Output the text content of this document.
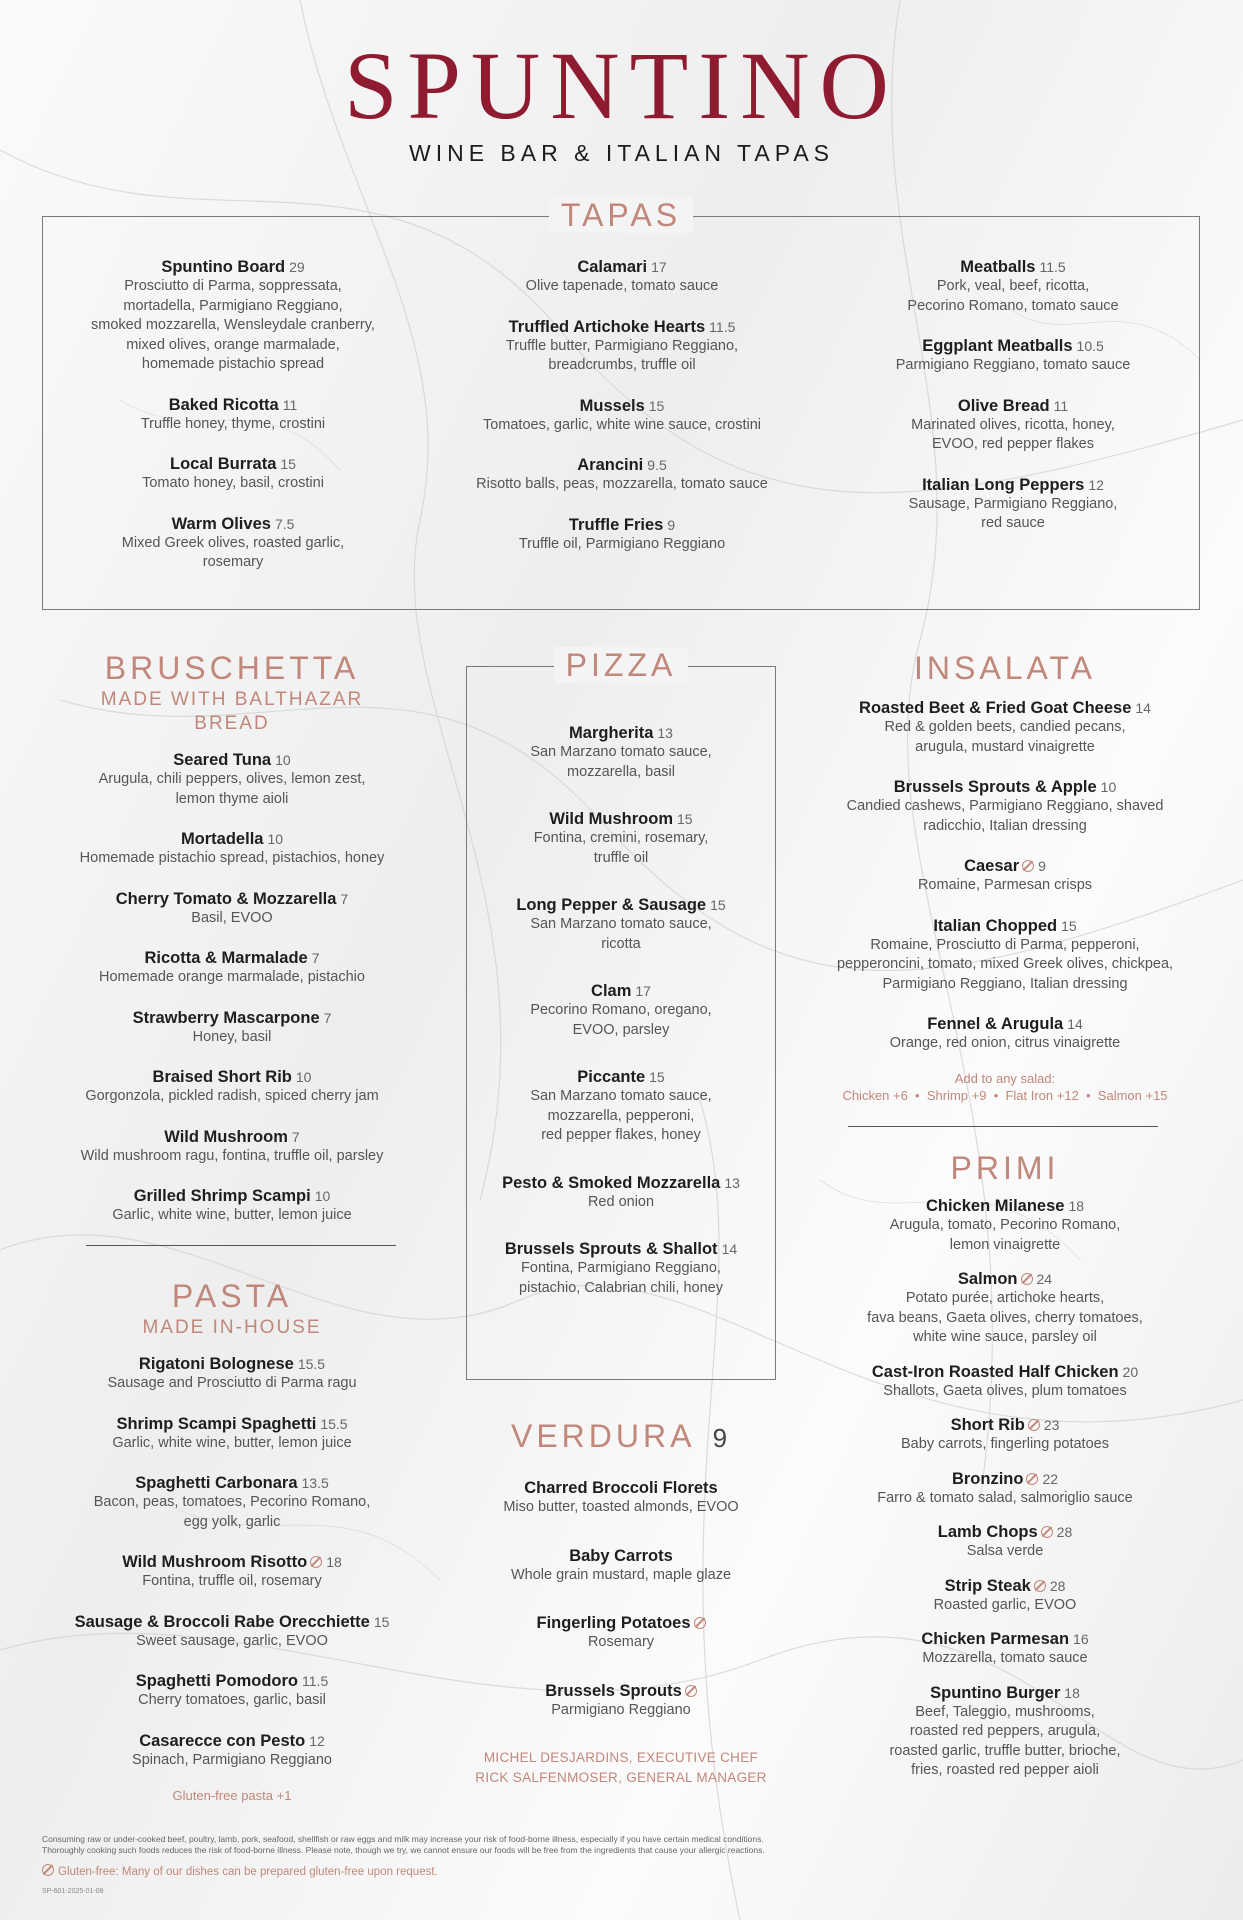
SPUNTINO
WINE BAR & ITALIAN TAPAS
TAPAS
Spuntino Board 29
Prosciutto di Parma, soppressata,
mortadella, Parmigiano Reggiano,
smoked mozzarella, Wensleydale cranberry,
mixed olives, orange marmalade,
homemade pistachio spread
Baked Ricotta 11
Truffle honey, thyme, crostini
Local Burrata 15
Tomato honey, basil, crostini
Warm Olives 7.5
Mixed Greek olives, roasted garlic,
rosemary
Calamari 17
Olive tapenade, tomato sauce
Truffled Artichoke Hearts 11.5
Truffle butter, Parmigiano Reggiano,
breadcrumbs, truffle oil
Mussels 15
Tomatoes, garlic, white wine sauce, crostini
Arancini 9.5
Risotto balls, peas, mozzarella, tomato sauce
Truffle Fries 9
Truffle oil, Parmigiano Reggiano
Meatballs 11.5
Pork, veal, beef, ricotta,
Pecorino Romano, tomato sauce
Eggplant Meatballs 10.5
Parmigiano Reggiano, tomato sauce
Olive Bread 11
Marinated olives, ricotta, honey,
EVOO, red pepper flakes
Italian Long Peppers 12
Sausage, Parmigiano Reggiano,
red sauce
BRUSCHETTA
MADE WITH BALTHAZAR BREAD
Seared Tuna 10
Arugula, chili peppers, olives, lemon zest,
lemon thyme aioli
Mortadella 10
Homemade pistachio spread, pistachios, honey
Cherry Tomato & Mozzarella 7
Basil, EVOO
Ricotta & Marmalade 7
Homemade orange marmalade, pistachio
Strawberry Mascarpone 7
Honey, basil
Braised Short Rib 10
Gorgonzola, pickled radish, spiced cherry jam
Wild Mushroom 7
Wild mushroom ragu, fontina, truffle oil, parsley
Grilled Shrimp Scampi 10
Garlic, white wine, butter, lemon juice
PASTA
MADE IN-HOUSE
Rigatoni Bolognese 15.5
Sausage and Prosciutto di Parma ragu
Shrimp Scampi Spaghetti 15.5
Garlic, white wine, butter, lemon juice
Spaghetti Carbonara 13.5
Bacon, peas, tomatoes, Pecorino Romano,
egg yolk, garlic
Wild Mushroom Risotto 18
Fontina, truffle oil, rosemary
Sausage & Broccoli Rabe Orecchiette 15
Sweet sausage, garlic, EVOO
Spaghetti Pomodoro 11.5
Cherry tomatoes, garlic, basil
Casarecce con Pesto 12
Spinach, Parmigiano Reggiano
Gluten-free pasta +1
PIZZA
Margherita 13
San Marzano tomato sauce,
mozzarella, basil
Wild Mushroom 15
Fontina, cremini, rosemary,
truffle oil
Long Pepper & Sausage 15
San Marzano tomato sauce,
ricotta
Clam 17
Pecorino Romano, oregano,
EVOO, parsley
Piccante 15
San Marzano tomato sauce,
mozzarella, pepperoni,
red pepper flakes, honey
Pesto & Smoked Mozzarella 13
Red onion
Brussels Sprouts & Shallot 14
Fontina, Parmigiano Reggiano,
pistachio, Calabrian chili, honey
VERDURA 9
Charred Broccoli Florets
Miso butter, toasted almonds, EVOO
Baby Carrots
Whole grain mustard, maple glaze
Fingerling Potatoes
Rosemary
Brussels Sprouts
Parmigiano Reggiano
MICHEL DESJARDINS, EXECUTIVE CHEF
RICK SALFENMOSER, GENERAL MANAGER
INSALATA
Roasted Beet & Fried Goat Cheese 14
Red & golden beets, candied pecans,
arugula, mustard vinaigrette
Brussels Sprouts & Apple 10
Candied cashews, Parmigiano Reggiano, shaved
radicchio, Italian dressing
Caesar 9
Romaine, Parmesan crisps
Italian Chopped 15
Romaine, Prosciutto di Parma, pepperoni,
pepperoncini, tomato, mixed Greek olives, chickpea,
Parmigiano Reggiano, Italian dressing
Fennel & Arugula 14
Orange, red onion, citrus vinaigrette
Add to any salad:
Chicken +6  •  Shrimp +9  •  Flat Iron +12  •  Salmon +15
PRIMI
Chicken Milanese 18
Arugula, tomato, Pecorino Romano,
lemon vinaigrette
Salmon 24
Potato purée, artichoke hearts,
fava beans, Gaeta olives, cherry tomatoes,
white wine sauce, parsley oil
Cast-Iron Roasted Half Chicken 20
Shallots, Gaeta olives, plum tomatoes
Short Rib 23
Baby carrots, fingerling potatoes
Bronzino 22
Farro & tomato salad, salmoriglio sauce
Lamb Chops 28
Salsa verde
Strip Steak 28
Roasted garlic, EVOO
Chicken Parmesan 16
Mozzarella, tomato sauce
Spuntino Burger 18
Beef, Taleggio, mushrooms,
roasted red peppers, arugula,
roasted garlic, truffle butter, brioche,
fries, roasted red pepper aioli
Consuming raw or under-cooked beef, poultry, lamb, pork, seafood, shellfish or raw eggs and milk may increase your risk of food-borne illness, especially if you have certain medical conditions.
Thoroughly cooking such foods reduces the risk of food-borne illness. Please note, though we try, we cannot ensure our foods will be free from the ingredients that cause your allergic reactions.
Gluten-free: Many of our dishes can be prepared gluten-free upon request.
SP-601-2025-01-08
